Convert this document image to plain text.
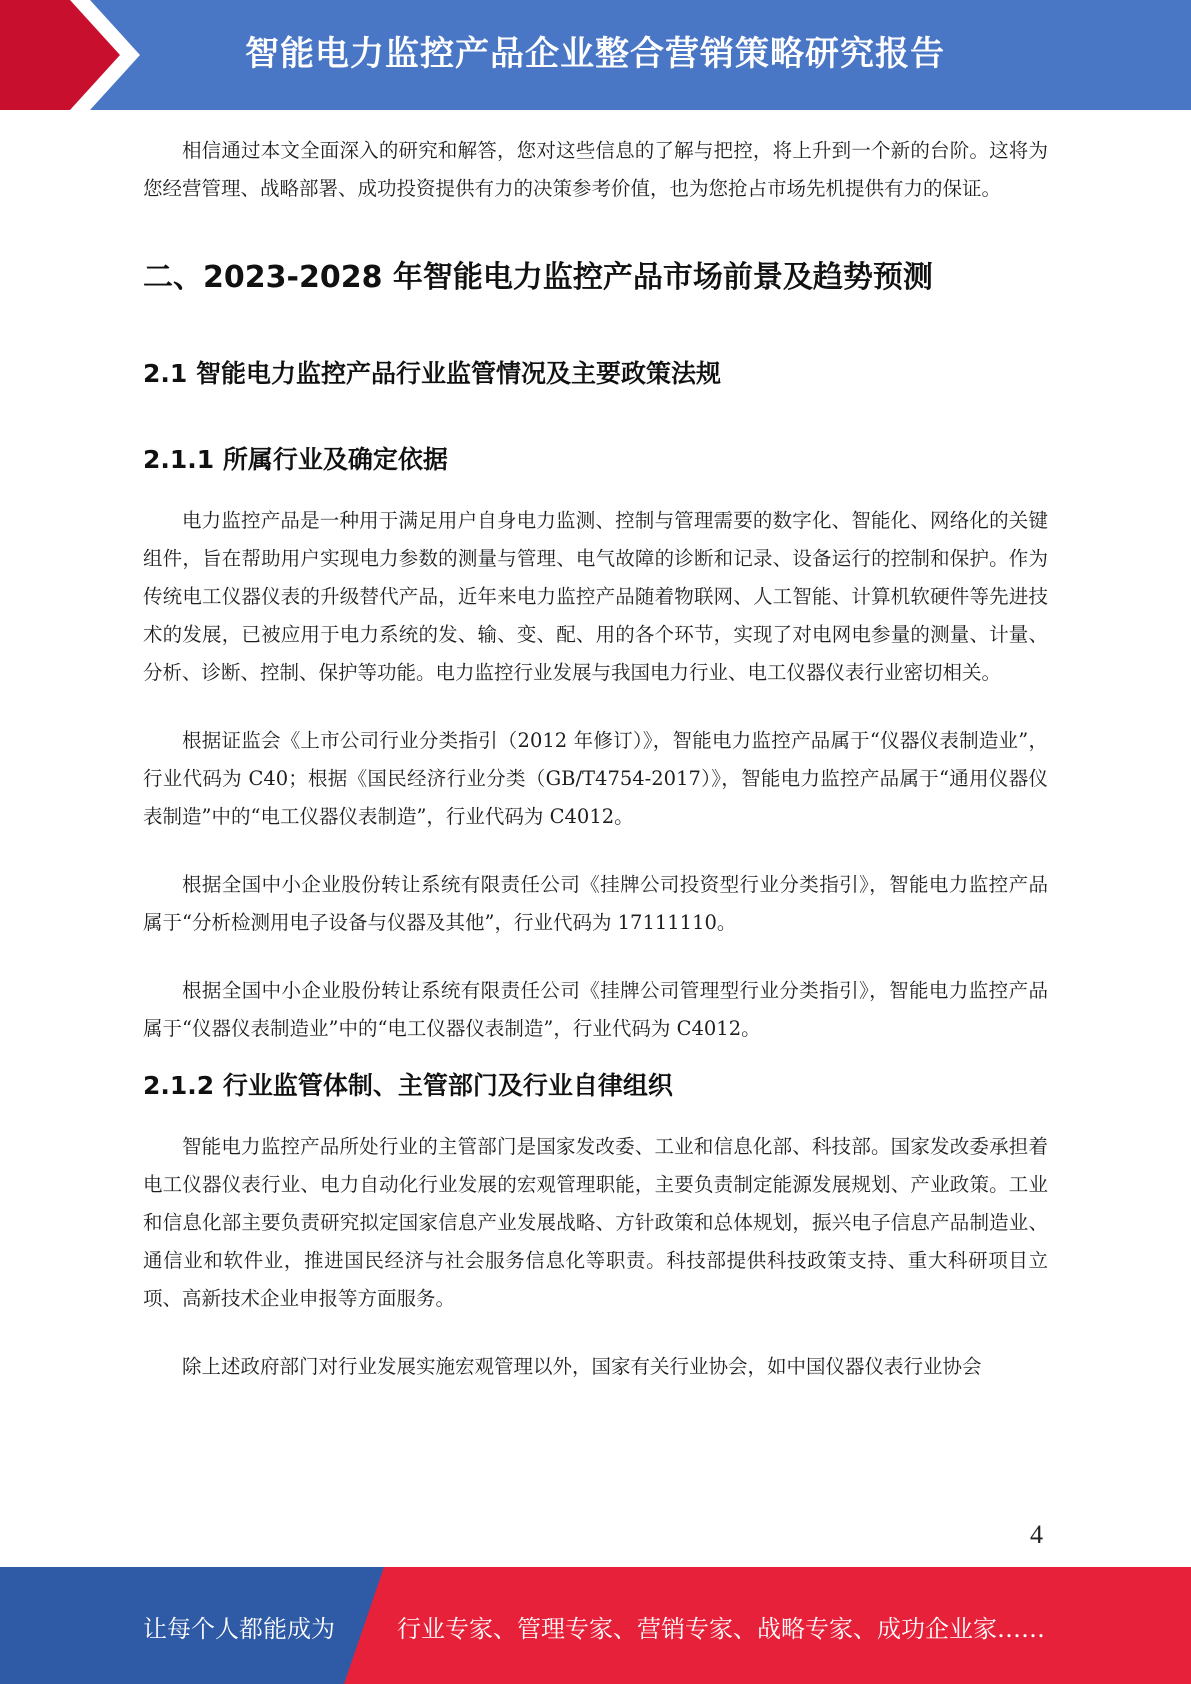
智能电力监控产品企业整合营销策略研究报告

相信通过本文全面深入的研究和解答，您对这些信息的了解与把控，将上升到一个新的台阶。这将为您经营管理、战略部署、成功投资提供有力的决策参考价值，也为您抢占市场先机提供有力的保证。

二、2023-2028 年智能电力监控产品市场前景及趋势预测
2.1 智能电力监控产品行业监管情况及主要政策法规
2.1.1 所属行业及确定依据

电力监控产品是一种用于满足用户自身电力监测、控制与管理需要的数字化、智能化、网络化的关键组件，旨在帮助用户实现电力参数的测量与管理、电气故障的诊断和记录、设备运行的控制和保护。作为传统电工仪器仪表的升级替代产品，近年来电力监控产品随着物联网、人工智能、计算机软硬件等先进技术的发展，已被应用于电力系统的发、输、变、配、用的各个环节，实现了对电网电参量的测量、计量、分析、诊断、控制、保护等功能。电力监控行业发展与我国电力行业、电工仪器仪表行业密切相关。

根据证监会《上市公司行业分类指引（2012 年修订）》，智能电力监控产品属于“仪器仪表制造业”，行业代码为 C40；根据《国民经济行业分类（GB/T4754-2017）》，智能电力监控产品属于“通用仪器仪表制造”中的“电工仪器仪表制造”，行业代码为 C4012。

根据全国中小企业股份转让系统有限责任公司《挂牌公司投资型行业分类指引》，智能电力监控产品属于“分析检测用电子设备与仪器及其他”，行业代码为 17111110。

根据全国中小企业股份转让系统有限责任公司《挂牌公司管理型行业分类指引》，智能电力监控产品属于“仪器仪表制造业”中的“电工仪器仪表制造”，行业代码为 C4012。

2.1.2 行业监管体制、主管部门及行业自律组织

智能电力监控产品所处行业的主管部门是国家发改委、工业和信息化部、科技部。国家发改委承担着电工仪器仪表行业、电力自动化行业发展的宏观管理职能，主要负责制定能源发展规划、产业政策。工业和信息化部主要负责研究拟定国家信息产业发展战略、方针政策和总体规划，振兴电子信息产品制造业、通信业和软件业，推进国民经济与社会服务信息化等职责。科技部提供科技政策支持、重大科研项目立项、高新技术企业申报等方面服务。

除上述政府部门对行业发展实施宏观管理以外，国家有关行业协会，如中国仪器仪表行业协会

4
让每个人都能成为	行业专家、管理专家、营销专家、战略专家、成功企业家……
